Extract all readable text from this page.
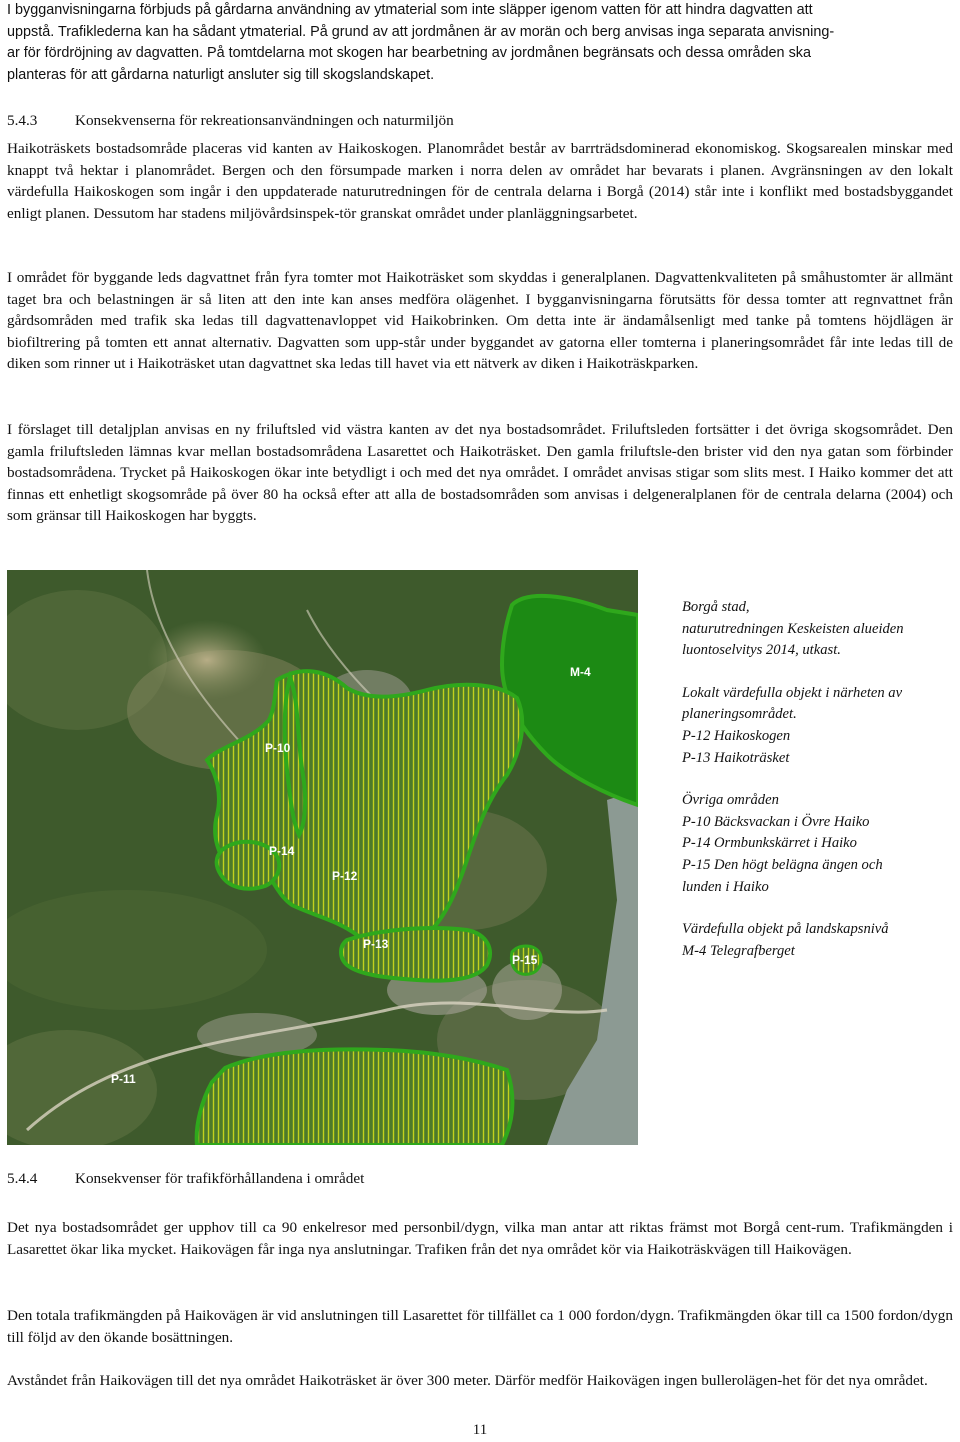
I bygganvisningarna förbjuds på gårdarna användning av ytmaterial som inte släpper igenom vatten för att hindra dagvatten att
uppstå. Trafiklederna kan ha sådant ytmaterial. På grund av att jordmånen är av morän och berg anvisas inga separata anvisning-
ar för fördröjning av dagvatten. På tomtdelarna mot skogen har bearbetning av jordmånen begränsats och dessa områden ska
planteras för att gårdarna naturligt ansluter sig till skogslandskapet.
5.4.3	Konsekvenserna för rekreationsanvändningen och naturmiljön

Haikoträskets bostadsområde placeras vid kanten av Haikoskogen. Planområdet består av barrträdsdominerad ekonomiskog. Skogsarealen minskar med knappt två hektar i planområdet. Bergen och den försumpade marken i norra delen av området har bevarats i planen. Avgränsningen av den lokalt värdefulla Haikoskogen som ingår i den uppdaterade naturutredningen för de centrala delarna i Borgå (2014) står inte i konflikt med bostadsbyggandet enligt planen. Dessutom har stadens miljövårdsinspek-tör granskat området under planläggningsarbetet.

I området för byggande leds dagvattnet från fyra tomter mot Haikoträsket som skyddas i generalplanen. Dagvattenkvaliteten på småhustomter är allmänt taget bra och belastningen är så liten att den inte kan anses medföra olägenhet. I bygganvisningarna förutsätts för dessa tomter att regnvattnet från gårdsområden med trafik ska ledas till dagvattenavloppet vid Haikobrinken. Om detta inte är ändamålsenligt med tanke på tomtens höjdlägen är biofiltrering på tomten ett annat alternativ. Dagvatten som upp-står under byggandet av gatorna eller tomterna i planeringsområdet får inte ledas till de diken som rinner ut i Haikoträsket utan dagvattnet ska ledas till havet via ett nätverk av diken i Haikoträskparken.

I förslaget till detaljplan anvisas en ny friluftsled vid västra kanten av det nya bostadsområdet. Friluftsleden fortsätter i det övriga skogsområdet. Den gamla friluftsleden lämnas kvar mellan bostadsområdena Lasarettet och Haikoträsket. Den gamla friluftsle-den brister vid den nya gatan som förbinder bostadsområdena. Trycket på Haikoskogen ökar inte betydligt i och med det nya området. I området anvisas stigar som slits mest. I Haiko kommer det att finnas ett enhetligt skogsområde på över 80 ha också efter att alla de bostadsområden som anvisas i delgeneralplanen för de centrala delarna (2004) och som gränsar till Haikoskogen har byggts.

M-4
P-10
P-14
P-12
P-13
P-15
P-11
Borgå stad,
naturutredningen Keskeisten alueiden
luontoselvitys 2014, utkast.
Lokalt värdefulla objekt i närheten av
planeringsområdet.
P-12 Haikoskogen
P-13 Haikoträsket
Övriga områden
P-10 Bäcksvackan i Övre Haiko
P-14 Ormbunkskärret i Haiko
P-15 Den högt belägna ängen och
lunden i Haiko
Värdefulla objekt på landskapsnivå
M-4 Telegrafberget
5.4.4	Konsekvenser för trafikförhållandena i området

Det nya bostadsområdet ger upphov till ca 90 enkelresor med personbil/dygn, vilka man antar att riktas främst mot Borgå cent-rum. Trafikmängden i Lasarettet ökar lika mycket. Haikovägen får inga nya anslutningar. Trafiken från det nya området kör via Haikoträskvägen till Haikovägen.

Den totala trafikmängden på Haikovägen är vid anslutningen till Lasarettet för tillfället ca 1 000 fordon/dygn. Trafikmängden ökar till ca 1500 fordon/dygn till följd av den ökande bosättningen.

Avståndet från Haikovägen till det nya området Haikoträsket är över 300 meter. Därför medför Haikovägen ingen bullerolägen-het för det nya området.

11
